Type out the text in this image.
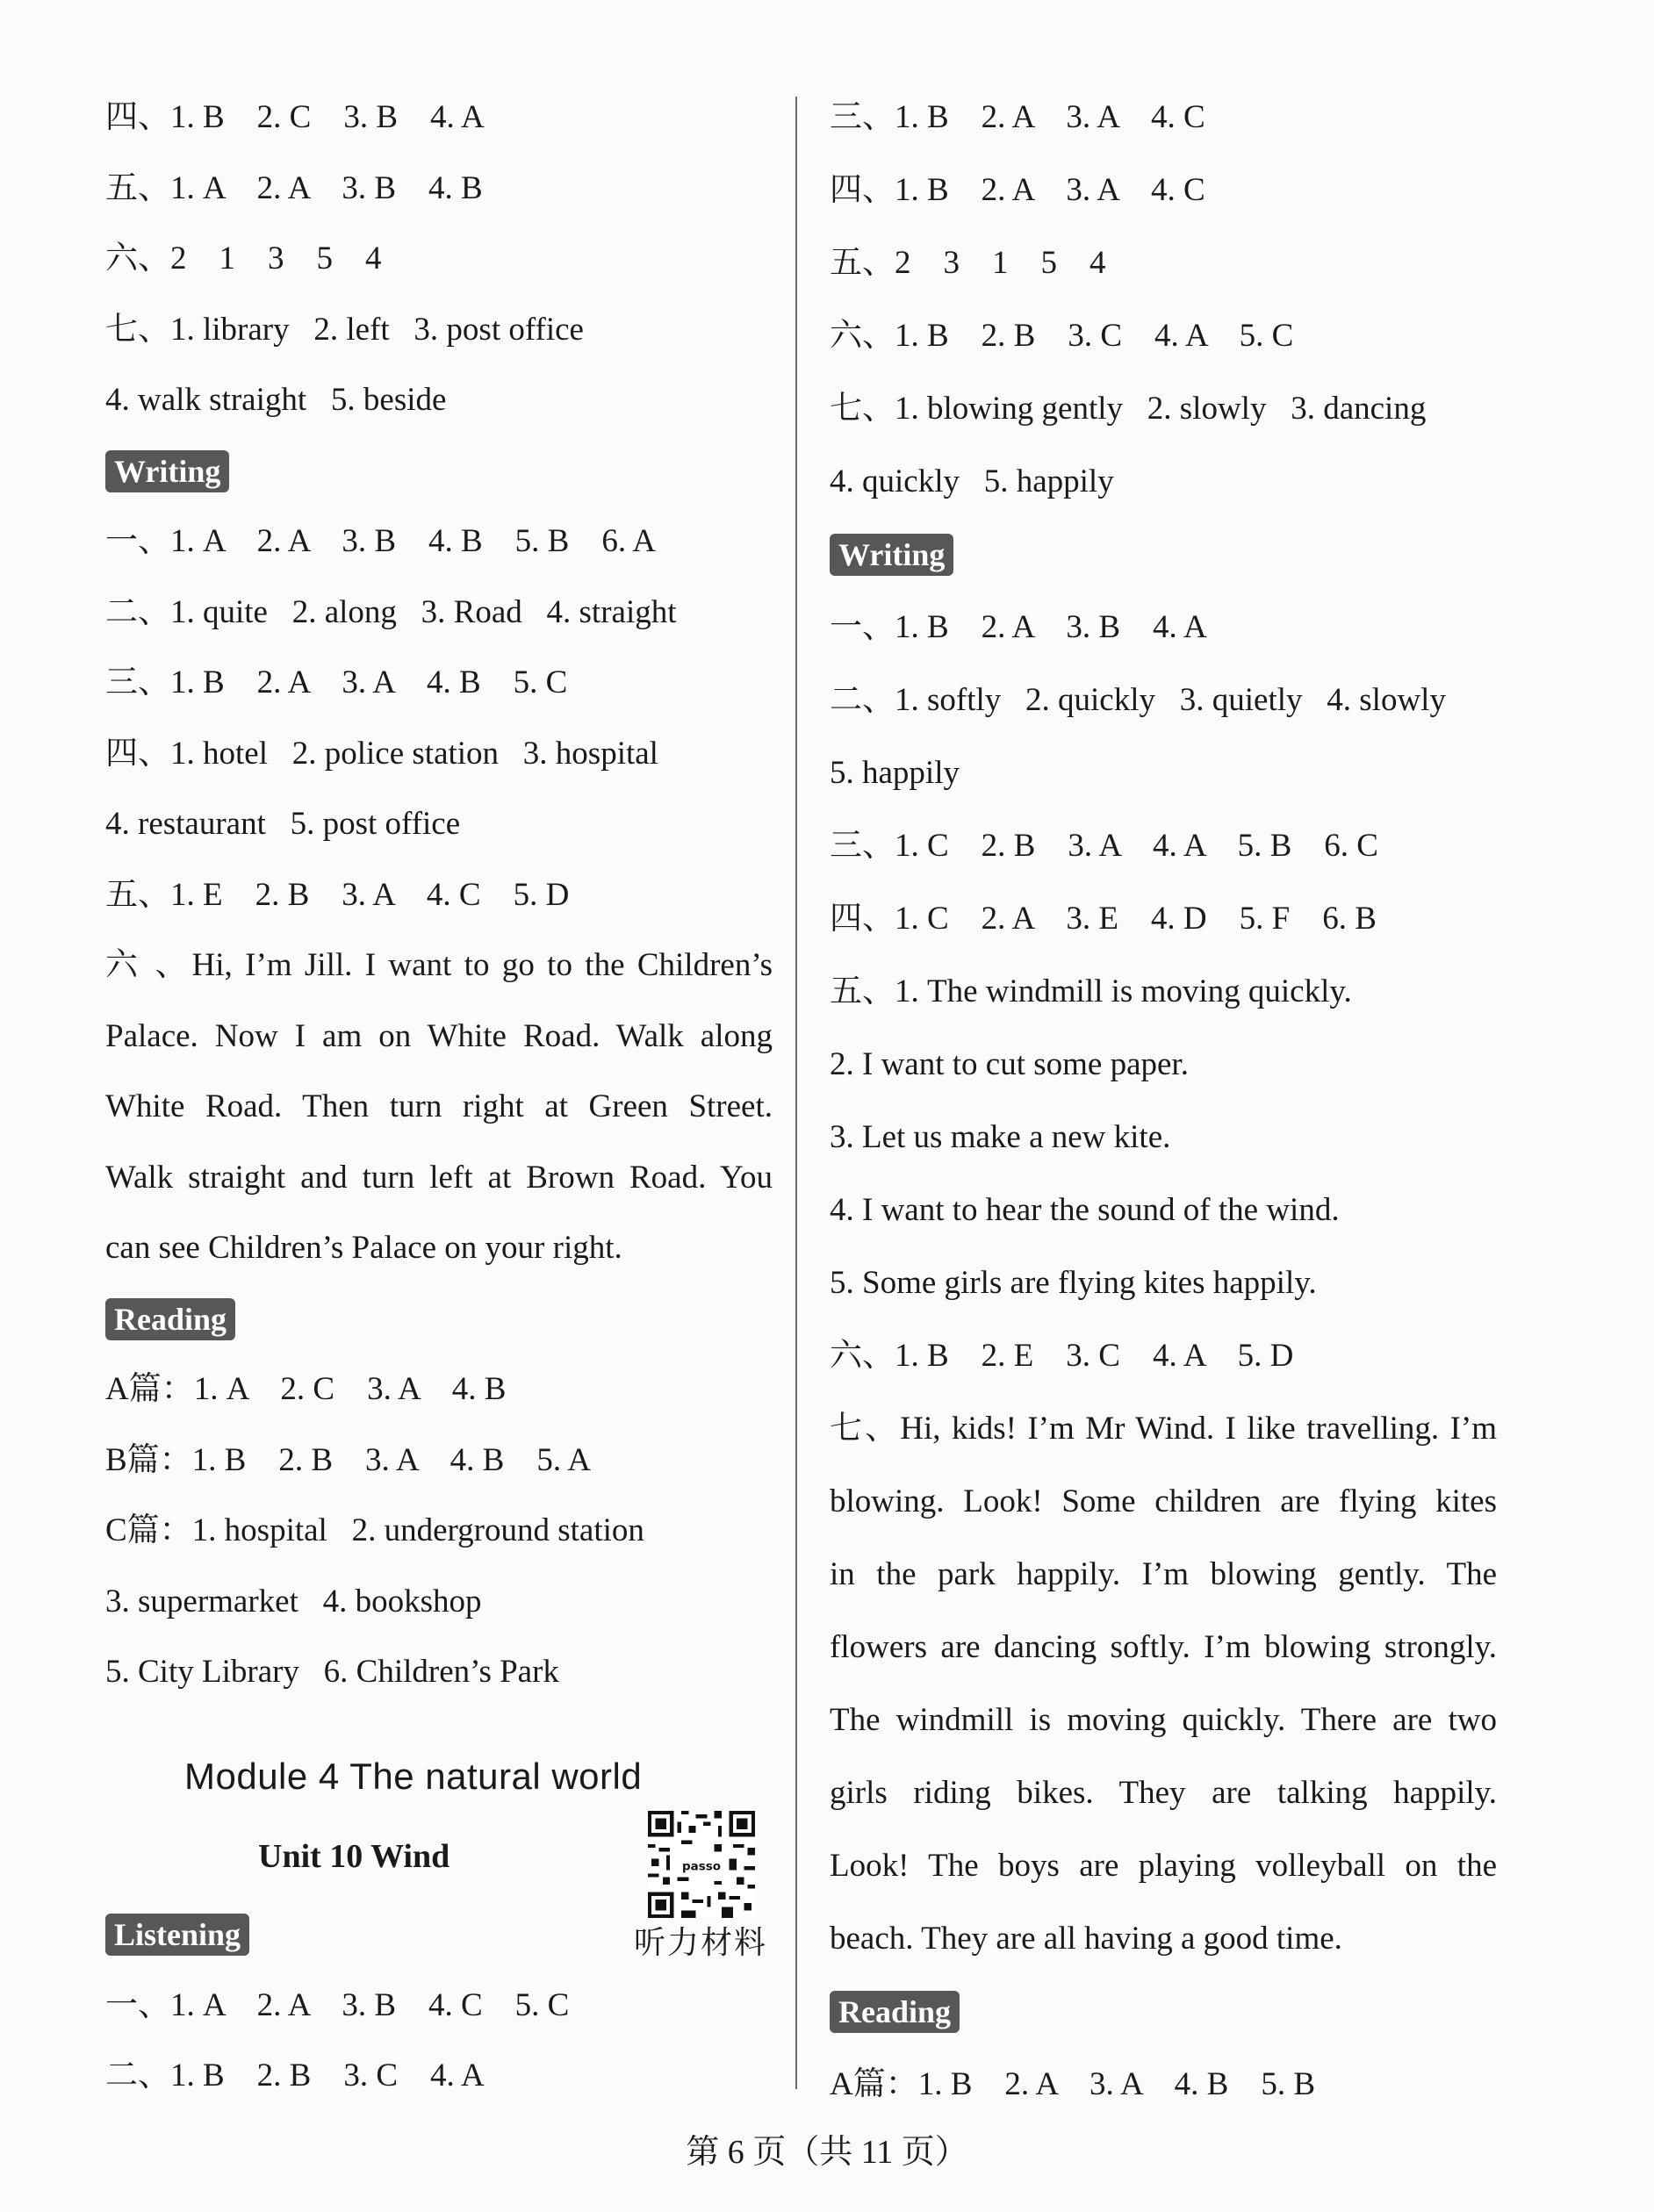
四、1. B    2. C    3. B    4. A
五、1. A    2. A    3. B    4. B
六、2    1    3    5    4
七、1. library   2. left   3. post office
4. walk straight   5. beside
Writing
一、1. A    2. A    3. B    4. B    5. B    6. A
二、1. quite   2. along   3. Road   4. straight
三、1. B    2. A    3. A    4. B    5. C
四、1. hotel   2. police station   3. hospital
4. restaurant   5. post office
五、1. E    2. B    3. A    4. C    5. D
六 、Hi, I’m Jill. I want to go to the Children’s
Palace. Now I am on White Road. Walk along
White Road. Then turn right at Green Street.
Walk straight and turn left at Brown Road. You
can see Children’s Palace on your right.
Reading
A篇：1. A    2. C    3. A    4. B
B篇：1. B    2. B    3. A    4. B    5. A
C篇：1. hospital   2. underground station
3. supermarket   4. bookshop
5. City Library   6. Children’s Park
三、1. B    2. A    3. A    4. C
四、1. B    2. A    3. A    4. C
五、2    3    1    5    4
六、1. B    2. B    3. C    4. A    5. C
七、1. blowing gently   2. slowly   3. dancing
4. quickly   5. happily
Writing
一、1. B    2. A    3. B    4. A
二、1. softly   2. quickly   3. quietly   4. slowly
5. happily
三、1. C    2. B    3. A    4. A    5. B    6. C
四、1. C    2. A    3. E    4. D    5. F    6. B
五、1. The windmill is moving quickly.
2. I want to cut some paper.
3. Let us make a new kite.
4. I want to hear the sound of the wind.
5. Some girls are flying kites happily.
六、1. B    2. E    3. C    4. A    5. D
七、Hi, kids! I’m Mr Wind. I like travelling. I’m
blowing. Look! Some children are flying kites
in the park happily. I’m blowing gently. The
flowers are dancing softly. I’m blowing strongly.
The windmill is moving quickly. There are two
girls riding bikes. They are talking happily.
Look! The boys are playing volleyball on the
beach. They are all having a good time.
Reading
A篇：1. B    2. A    3. A    4. B    5. B
Module 4 The natural world
Unit 10 Wind	passo
听力材料
Listening
一、1. A    2. A    3. B    4. C    5. C
二、1. B    2. B    3. C    4. A
第 6 页（共 11 页）
